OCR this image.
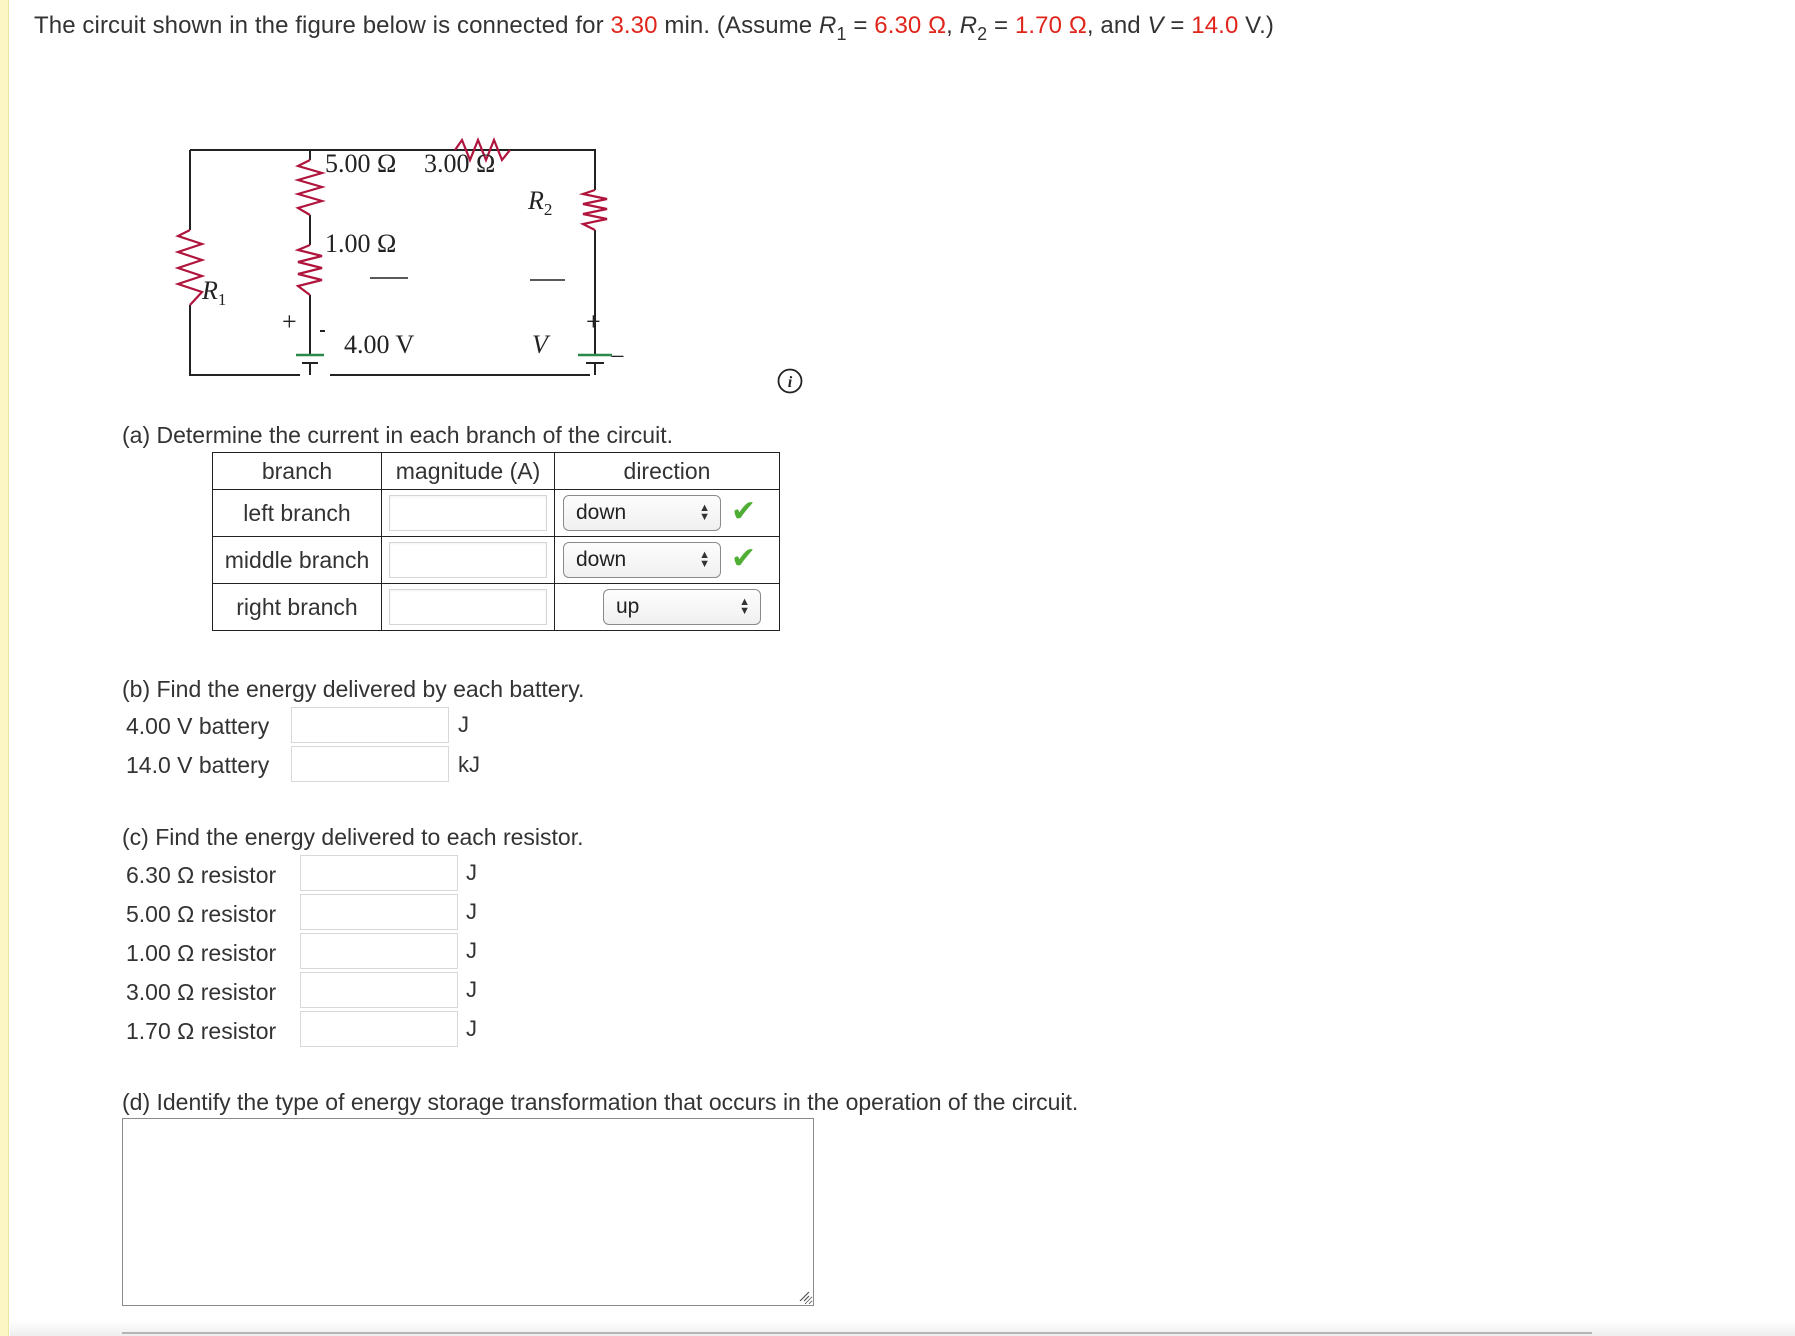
The circuit shown in the figure below is connected for 3.30 min. (Assume $R_1 = 6.30$ Ω, $R_2 = 1.70$ Ω, and V = 14.0 V.)
5.00 Ω 3.00 Ω
1.00 Ω
$R_2$
$R_1$
+	+
4.00 V	V −
i
(a) Determine the current in each branch of the circuit.
branch	magnitude (A)	direction
left branch		down ▲
▼ ✔

middle branch		down ▲
▼ ✔

right branch		up ▲
▼
(b) Find the energy delivered by each battery.
4.00 V battery	J
14.0 V battery	kJ
(c) Find the energy delivered to each resistor.
6.30 Ω resistor	J
5.00 Ω resistor	J
1.00 Ω resistor	J
3.00 Ω resistor	J
1.70 Ω resistor	J
(d) Identify the type of energy storage transformation that occurs in the operation of the circuit.
